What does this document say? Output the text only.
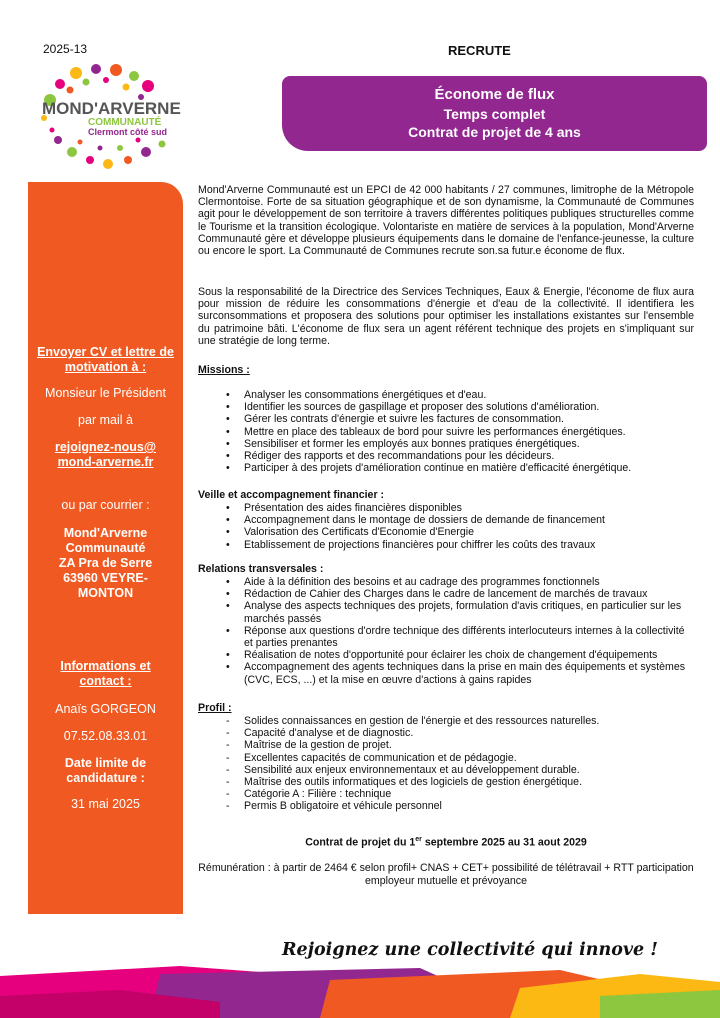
2025-13
MOND'ARVERNE
COMMUNAUTÉ
Clermont côté sud
RECRUTE
Économe de flux
Temps complet
Contrat de projet de 4 ans
Envoyer CV et lettre de motivation à :
Monsieur le Président
par mail à
rejoignez-nous@mond-arverne.fr
ou par courrier :
Mond'Arverne
Communauté
ZA Pra de Serre
63960 VEYRE-
MONTON
Informations et contact :
Anaïs GORGEON
07.52.08.33.01
Date limite de candidature :
31 mai 2025
Mond'Arverne Communauté est un EPCI de 42 000 habitants / 27 communes, limitrophe de la Métropole Clermontoise. Forte de sa situation géographique et de son dynamisme, la Communauté de Communes agit pour le développement de son territoire à travers différentes politiques publiques structurelles comme le Tourisme et la transition écologique. Volontariste en matière de services à la population, Mond'Arverne Communauté gère et développe plusieurs équipements dans le domaine de l'enfance-jeunesse, la culture ou encore le sport. La Communauté de Communes recrute son.sa futur.e économe de flux.
Sous la responsabilité de la Directrice des Services Techniques, Eaux & Energie, l'économe de flux aura pour mission de réduire les consommations d'énergie et d'eau de la collectivité. Il identifiera les surconsommations et proposera des solutions pour optimiser les installations existantes sur l'ensemble du patrimoine bâti. L'économe de flux sera un agent référent technique des projets en s'impliquant sur une stratégie de long terme.
Missions :
• Analyser les consommations énergétiques et d'eau.
• Identifier les sources de gaspillage et proposer des solutions d'amélioration.
• Gérer les contrats d'énergie et suivre les factures de consommation.
• Mettre en place des tableaux de bord pour suivre les performances énergétiques.
• Sensibiliser et former les employés aux bonnes pratiques énergétiques.
• Rédiger des rapports et des recommandations pour les décideurs.
• Participer à des projets d'amélioration continue en matière d'efficacité énergétique.
Veille et accompagnement financier :
• Présentation des aides financières disponibles
• Accompagnement dans le montage de dossiers de demande de financement
• Valorisation des Certificats d'Economie d'Energie
• Etablissement de projections financières pour chiffrer les coûts des travaux
Relations transversales :
• Aide à la définition des besoins et au cadrage des programmes fonctionnels
• Rédaction de Cahier des Charges dans le cadre de lancement de marchés de travaux
• Analyse des aspects techniques des projets, formulation d'avis critiques, en particulier sur les marchés passés
• Réponse aux questions d'ordre technique des différents interlocuteurs internes à la collectivité et parties prenantes
• Réalisation de notes d'opportunité pour éclairer les choix de changement d'équipements
• Accompagnement des agents techniques dans la prise en main des équipements et systèmes (CVC, ECS, ...) et la mise en œuvre d'actions à gains rapides
Profil :
- Solides connaissances en gestion de l'énergie et des ressources naturelles.
- Capacité d'analyse et de diagnostic.
- Maîtrise de la gestion de projet.
- Excellentes capacités de communication et de pédagogie.
- Sensibilité aux enjeux environnementaux et au développement durable.
- Maîtrise des outils informatiques et des logiciels de gestion énergétique.
- Catégorie A : Filière : technique
- Permis B obligatoire et véhicule personnel
Contrat de projet du 1er septembre 2025 au 31 aout 2029
Rémunération : à partir de 2464 € selon profil+ CNAS + CET+ possibilité de télétravail + RTT participation employeur mutuelle et prévoyance
Rejoignez une collectivité qui innove !
